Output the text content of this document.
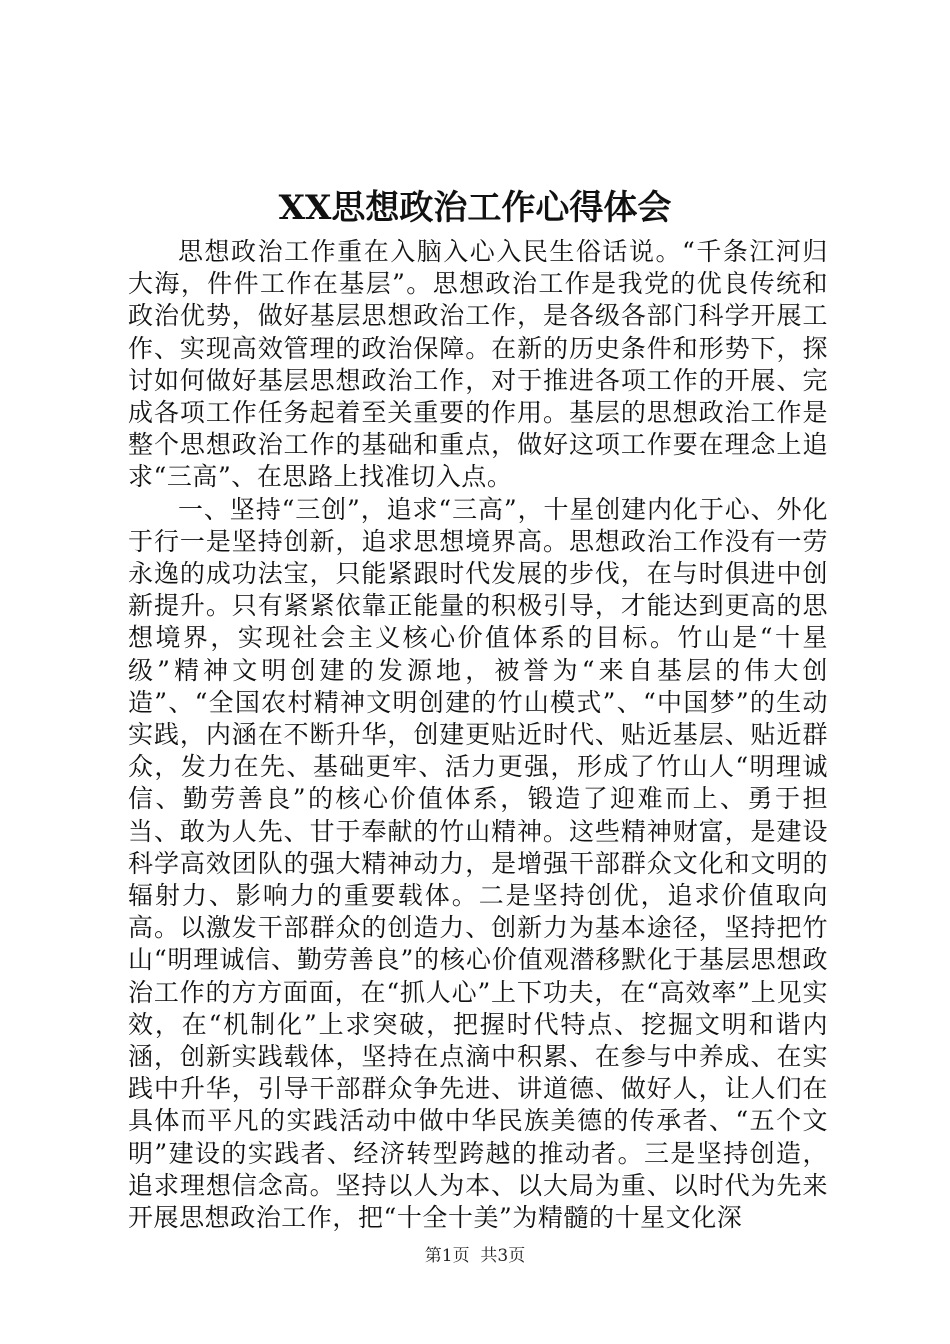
XX思想政治工作心得体会

思想政治工作重在入脑入心入民生俗话说。“千条江河归大海，件件工作在基层”。思想政治工作是我党的优良传统和政治优势，做好基层思想政治工作，是各级各部门科学开展工作、实现高效管理的政治保障。在新的历史条件和形势下，探讨如何做好基层思想政治工作，对于推进各项工作的开展、完成各项工作任务起着至关重要的作用。基层的思想政治工作是整个思想政治工作的基础和重点，做好这项工作要在理念上追求“三高”、在思路上找准切入点。

一、坚持“三创”，追求“三高”，十星创建内化于心、外化于行一是坚持创新，追求思想境界高。思想政治工作没有一劳永逸的成功法宝，只能紧跟时代发展的步伐，在与时俱进中创新提升。只有紧紧依靠正能量的积极引导，才能达到更高的思想境界，实现社会主义核心价值体系的目标。竹山是“十星级”精神文明创建的发源地，被誉为“来自基层的伟大创造”、“全国农村精神文明创建的竹山模式”、“中国梦”的生动实践，内涵在不断升华，创建更贴近时代、贴近基层、贴近群众，发力在先、基础更牢、活力更强，形成了竹山人“明理诚信、勤劳善良”的核心价值体系，锻造了迎难而上、勇于担当、敢为人先、甘于奉献的竹山精神。这些精神财富，是建设科学高效团队的强大精神动力，是增强干部群众文化和文明的辐射力、影响力的重要载体。二是坚持创优，追求价值取向高。以激发干部群众的创造力、创新力为基本途径，坚持把竹山“明理诚信、勤劳善良”的核心价值观潜移默化于基层思想政治工作的方方面面，在“抓人心”上下功夫，在“高效率”上见实效，在“机制化”上求突破，把握时代特点、挖掘文明和谐内涵，创新实践载体，坚持在点滴中积累、在参与中养成、在实践中升华，引导干部群众争先进、讲道德、做好人，让人们在具体而平凡的实践活动中做中华民族美德的传承者、“五个文明”建设的实践者、经济转型跨越的推动者。三是坚持创造，追求理想信念高。坚持以人为本、以大局为重、以时代为先来开展思想政治工作，把“十全十美”为精髓的十星文化深

第1页  共3页
